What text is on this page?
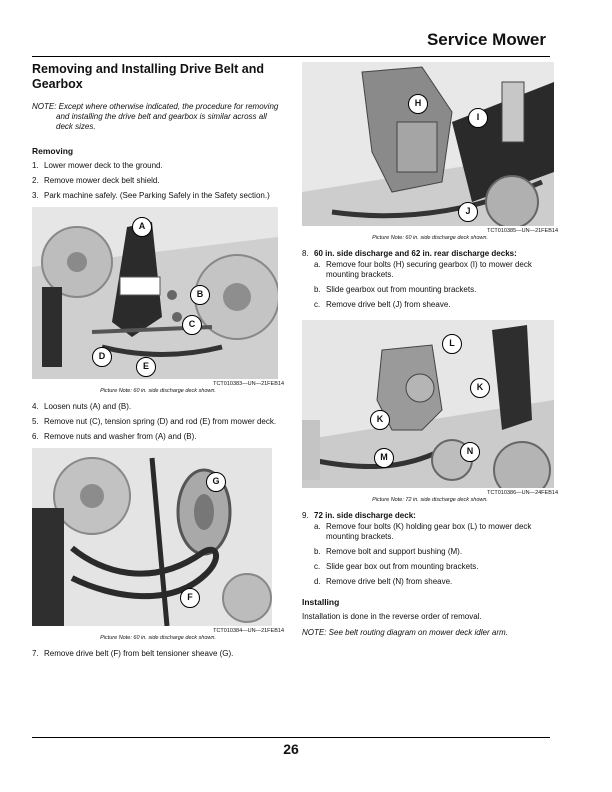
Service Mower
Removing and Installing Drive Belt and Gearbox
NOTE: Except where otherwise indicated, the procedure for removing
and installing the drive belt and gearbox is similar across all
deck sizes.
Removing
1. Lower mower deck to the ground.
2. Remove mower deck belt shield.
3. Park machine safely. (See Parking Safely in the Safety section.)
A
B
C
D
E
TCT010383—UN—21FEB14
Picture Note: 60 in. side discharge deck shown.
4. Loosen nuts (A) and (B).
5. Remove nut (C), tension spring (D) and rod (E) from mower deck.
6. Remove nuts and washer from (A) and (B).
G
F
TCT010384—UN—21FEB14
Picture Note: 60 in. side discharge deck shown.
7. Remove drive belt (F) from belt tensioner sheave (G).
H
I
J
TCT010385—UN—21FEB14
Picture Note: 60 in. side discharge deck shown.
8. 60 in. side discharge and 62 in. rear discharge decks:
a. Remove four bolts (H) securing gearbox (I) to mower deck mounting brackets.
b. Slide gearbox out from mounting brackets.
c. Remove drive belt (J) from sheave.
L
K
K
M
N
TCT010386—UN—24FEB14
Picture Note: 72 in. side discharge deck shown.
9. 72 in. side discharge deck:
a. Remove four bolts (K) holding gear box (L) to mower deck mounting brackets.
b. Remove bolt and support bushing (M).
c. Slide gear box out from mounting brackets.
d. Remove drive belt (N) from sheave.
Installing

Installation is done in the reverse order of removal.

NOTE: See belt routing diagram on mower deck idler arm.

26
